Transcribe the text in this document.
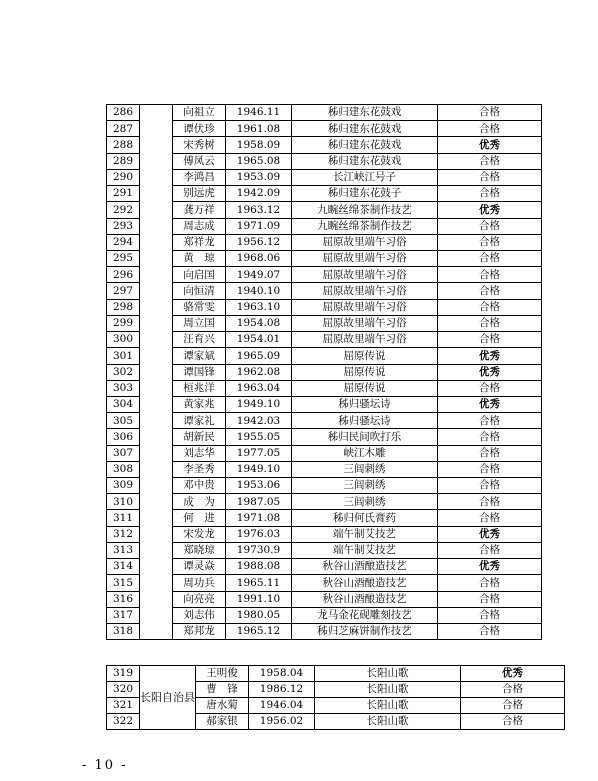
286		向祖立	1946.11	秭归建东花鼓戏	合格
287		谭伏珍	1961.08	秭归建东花鼓戏	合格
288		宋秀树	1958.09	秭归建东花鼓戏	优秀
289		傅凤云	1965.08	秭归建东花鼓戏	合格
290		李鸿昌	1953.09	长江峡江号子	合格
291		别远虎	1942.09	秭归建东花鼓子	合格
292		龚万祥	1963.12	九畹丝绵茶制作技艺	优秀
293		周志成	1971.09	九畹丝绵茶制作技艺	合格
294		郑祥龙	1956.12	屈原故里端午习俗	合格
295		黄　琼	1968.06	屈原故里端午习俗	合格
296		向启国	1949.07	屈原故里端午习俗	合格
297		向恒清	1940.10	屈原故里端午习俗	合格
298		骆常雯	1963.10	屈原故里端午习俗	合格
299		周立国	1954.08	屈原故里端午习俗	合格
300		汪育兴	1954.01	屈原故里端午习俗	合格
301		谭家斌	1965.09	屈原传说	优秀
302		谭国锋	1962.08	屈原传说	优秀
303		桓兆洋	1963.04	屈原传说	合格
304		黄家兆	1949.10	秭归骚坛诗	优秀
305		谭家礼	1942.03	秭归骚坛诗	合格
306		胡新民	1955.05	秭归民间吹打乐	合格
307		刘志华	1977.05	峡江木雕	合格
308		李圣秀	1949.10	三闾刺绣	合格
309		邓中贵	1953.06	三闾刺绣	合格
310		成　为	1987.05	三闾刺绣	合格
311		何　进	1971.08	秭归何氏膏药	合格
312		宋发龙	1976.03	端午制艾技艺	优秀
313		郑晓琼	19730.9	端午制艾技艺	合格
314		谭灵焱	1988.08	秋谷山酒酿造技艺	优秀
315		周功兵	1965.11	秋谷山酒酿造技艺	合格
316		向亮亮	1991.10	秋谷山酒酿造技艺	合格
317		刘志伟	1980.05	龙马金花砚雕刻技艺	合格
318		郑邦龙	1965.12	秭归芝麻饼制作技艺	合格
319	长阳自治县	王明俊	1958.04	长阳山歌	优秀
320		曹　锋	1986.12	长阳山歌	合格
321		唐水菊	1946.04	长阳山歌	合格
322		郝家银	1956.02	长阳山歌	合格
- 10 -
